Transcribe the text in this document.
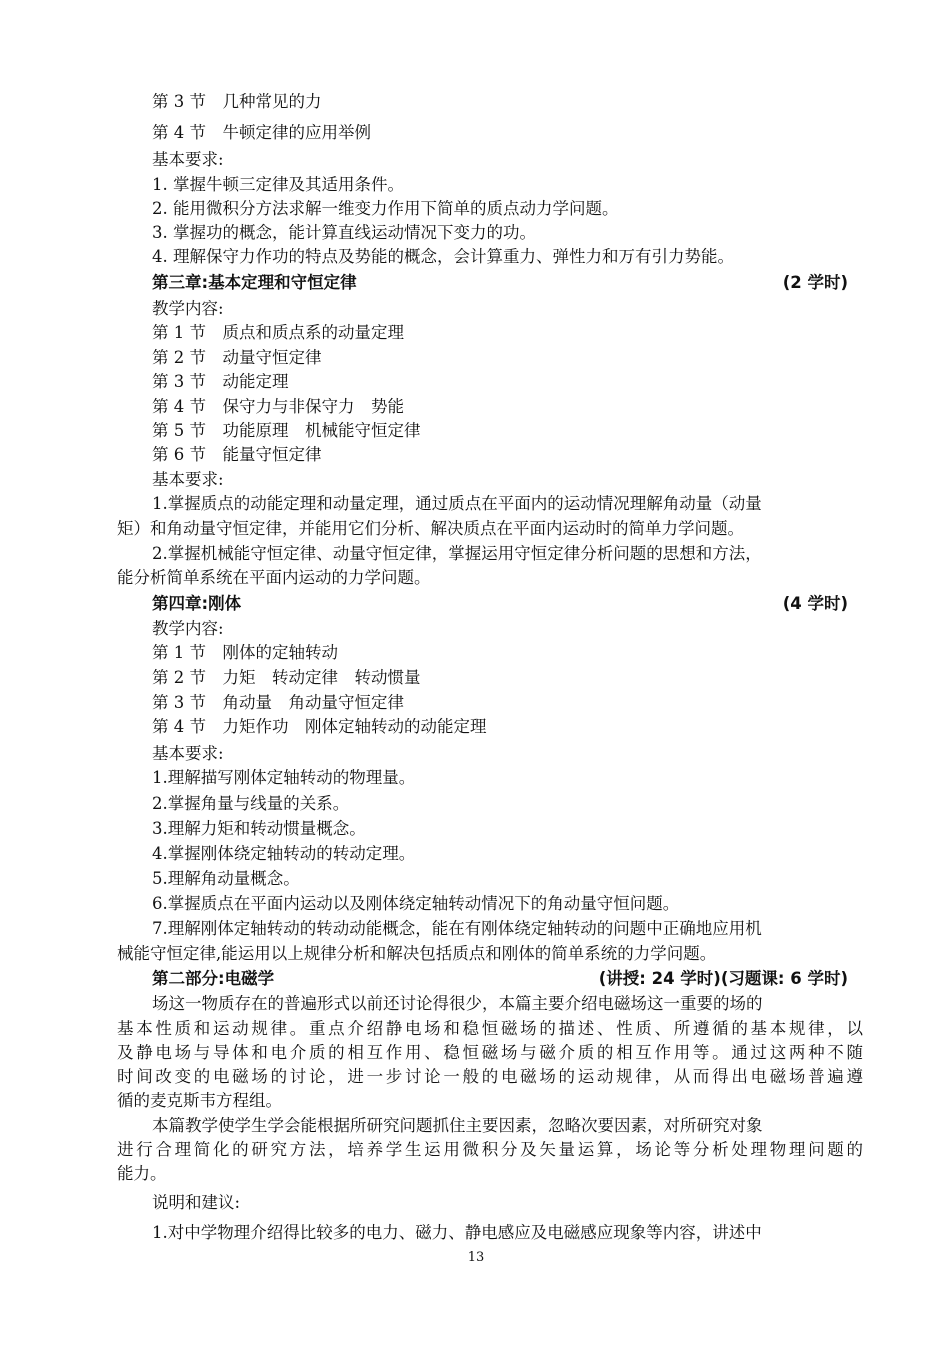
第 3 节　几种常见的力
第 4 节　牛顿定律的应用举例
基本要求:
1. 掌握牛顿三定律及其适用条件。
2. 能用微积分方法求解一维变力作用下简单的质点动力学问题。
3. 掌握功的概念，能计算直线运动情况下变力的功。
4. 理解保守力作功的特点及势能的概念，会计算重力、弹性力和万有引力势能。
第三章:基本定理和守恒定律	(2 学时)
教学内容:
第 1 节　质点和质点系的动量定理
第 2 节　动量守恒定律
第 3 节　动能定理
第 4 节　保守力与非保守力　势能
第 5 节　功能原理　机械能守恒定律
第 6 节　能量守恒定律
基本要求:
1.掌握质点的动能定理和动量定理，通过质点在平面内的运动情况理解角动量（动量
矩）和角动量守恒定律，并能用它们分析、解决质点在平面内运动时的简单力学问题。
2.掌握机械能守恒定律、动量守恒定律，掌握运用守恒定律分析问题的思想和方法，
能分析简单系统在平面内运动的力学问题。
第四章:刚体	(4 学时)
教学内容:
第 1 节　刚体的定轴转动
第 2 节　力矩　转动定律　转动惯量
第 3 节　角动量　角动量守恒定律
第 4 节　力矩作功　刚体定轴转动的动能定理
基本要求:
1.理解描写刚体定轴转动的物理量。
2.掌握角量与线量的关系。
3.理解力矩和转动惯量概念。
4.掌握刚体绕定轴转动的转动定理。
5.理解角动量概念。
6.掌握质点在平面内运动以及刚体绕定轴转动情况下的角动量守恒问题。
7.理解刚体定轴转动的转动动能概念，能在有刚体绕定轴转动的问题中正确地应用机
械能守恒定律,能运用以上规律分析和解决包括质点和刚体的简单系统的力学问题。
第二部分:电磁学	(讲授: 24 学时)(习题课: 6 学时)
场这一物质存在的普遍形式以前还讨论得很少，本篇主要介绍电磁场这一重要的场的
基本性质和运动规律。重点介绍静电场和稳恒磁场的描述、性质、所遵循的基本规律，以
及静电场与导体和电介质的相互作用、稳恒磁场与磁介质的相互作用等。通过这两种不随
时间改变的电磁场的讨论，进一步讨论一般的电磁场的运动规律，从而得出电磁场普遍遵
循的麦克斯韦方程组。
本篇教学使学生学会能根据所研究问题抓住主要因素，忽略次要因素，对所研究对象
进行合理简化的研究方法，培养学生运用微积分及矢量运算，场论等分析处理物理问题的
能力。
说明和建议:
1.对中学物理介绍得比较多的电力、磁力、静电感应及电磁感应现象等内容，讲述中
13
